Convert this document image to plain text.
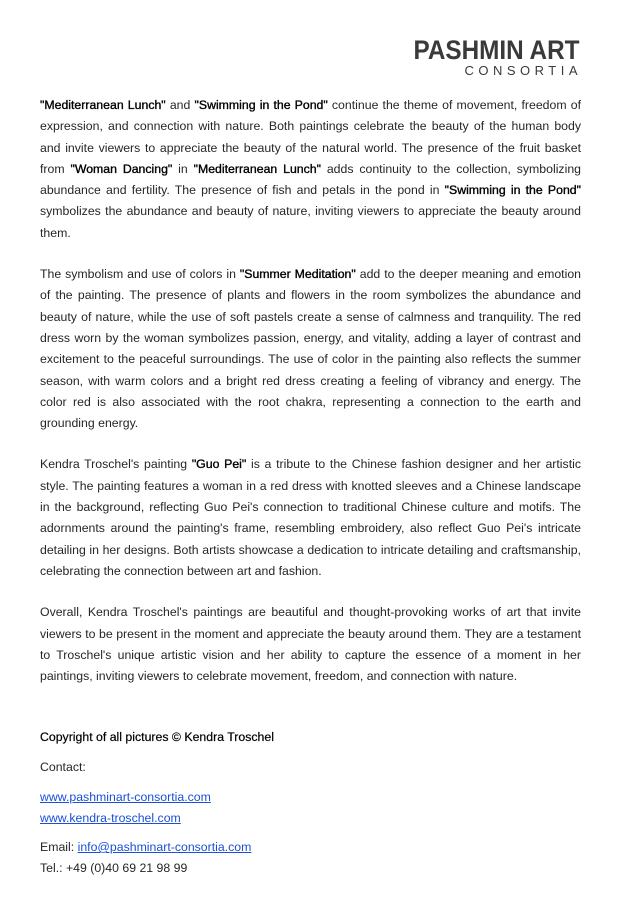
PASHMIN ART
CONSORTIA

"Mediterranean Lunch" and "Swimming in the Pond" continue the theme of movement, freedom of expression, and connection with nature. Both paintings celebrate the beauty of the human body and invite viewers to appreciate the beauty of the natural world. The presence of the fruit basket from "Woman Dancing" in "Mediterranean Lunch" adds continuity to the collection, symbolizing abundance and fertility. The presence of fish and petals in the pond in "Swimming in the Pond" symbolizes the abundance and beauty of nature, inviting viewers to appreciate the beauty around them.

The symbolism and use of colors in "Summer Meditation" add to the deeper meaning and emotion of the painting. The presence of plants and flowers in the room symbolizes the abundance and beauty of nature, while the use of soft pastels create a sense of calmness and tranquility. The red dress worn by the woman symbolizes passion, energy, and vitality, adding a layer of contrast and excitement to the peaceful surroundings. The use of color in the painting also reflects the summer season, with warm colors and a bright red dress creating a feeling of vibrancy and energy. The color red is also associated with the root chakra, representing a connection to the earth and grounding energy.

Kendra Troschel's painting "Guo Pei" is a tribute to the Chinese fashion designer and her artistic style. The painting features a woman in a red dress with knotted sleeves and a Chinese landscape in the background, reflecting Guo Pei's connection to traditional Chinese culture and motifs. The adornments around the painting's frame, resembling embroidery, also reflect Guo Pei's intricate detailing in her designs. Both artists showcase a dedication to intricate detailing and craftsmanship, celebrating the connection between art and fashion.

Overall, Kendra Troschel's paintings are beautiful and thought-provoking works of art that invite viewers to be present in the moment and appreciate the beauty around them. They are a testament to Troschel's unique artistic vision and her ability to capture the essence of a moment in her paintings, inviting viewers to celebrate movement, freedom, and connection with nature.

Copyright of all pictures © Kendra Troschel
Contact:
www.pashminart-consortia.com
www.kendra-troschel.com
Email: info@pashminart-consortia.com
Tel.: +49 (0)40 69 21 98 99
